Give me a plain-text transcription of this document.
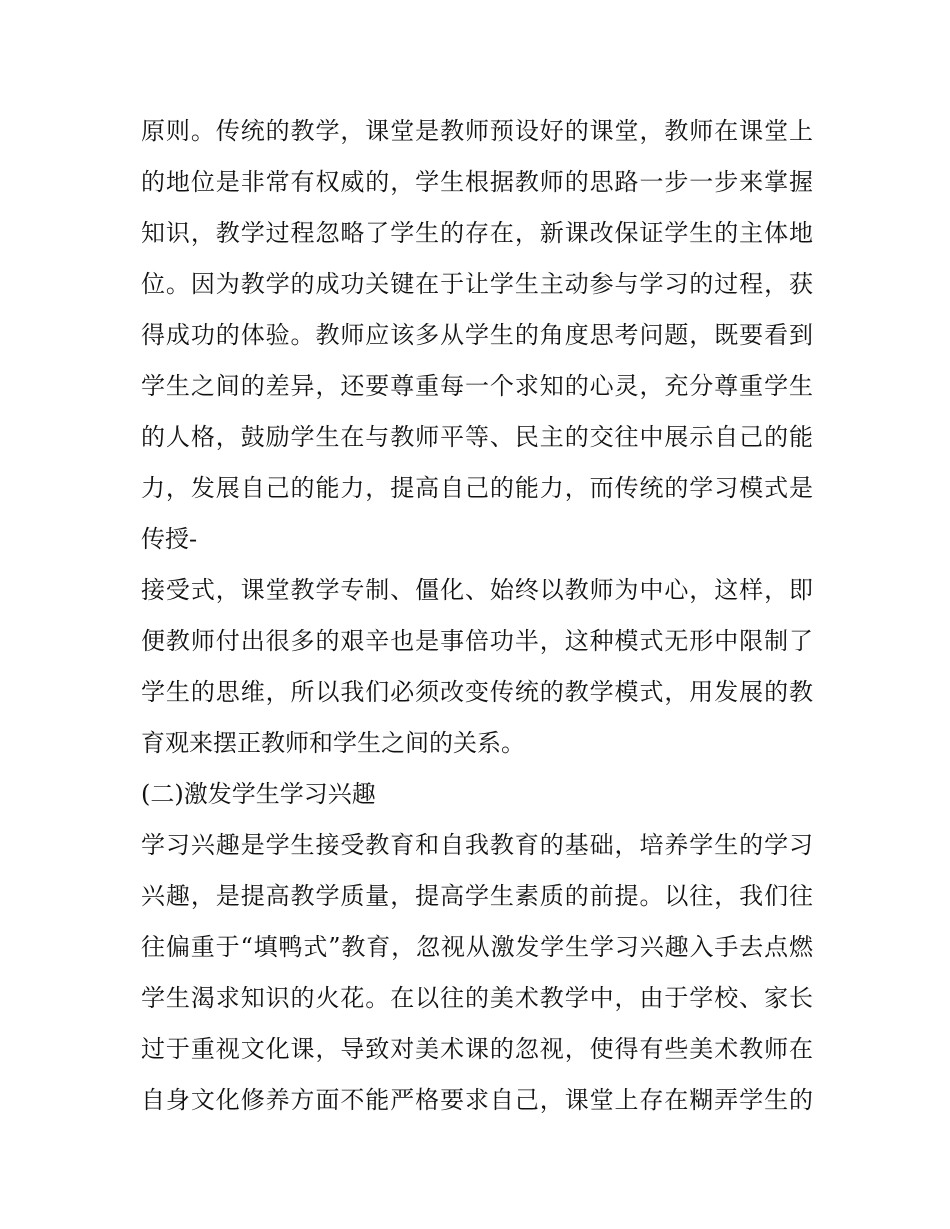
原则。传统的教学，课堂是教师预设好的课堂，教师在课堂上
的地位是非常有权威的，学生根据教师的思路一步一步来掌握
知识，教学过程忽略了学生的存在，新课改保证学生的主体地
位。因为教学的成功关键在于让学生主动参与学习的过程，获
得成功的体验。教师应该多从学生的角度思考问题，既要看到
学生之间的差异，还要尊重每一个求知的心灵，充分尊重学生
的人格，鼓励学生在与教师平等、民主的交往中展示自己的能
力，发展自己的能力，提高自己的能力，而传统的学习模式是
传授-
接受式，课堂教学专制、僵化、始终以教师为中心，这样，即
便教师付出很多的艰辛也是事倍功半，这种模式无形中限制了
学生的思维，所以我们必须改变传统的教学模式，用发展的教
育观来摆正教师和学生之间的关系。
(二)激发学生学习兴趣
学习兴趣是学生接受教育和自我教育的基础，培养学生的学习
兴趣，是提高教学质量，提高学生素质的前提。以往，我们往
往偏重于“填鸭式”教育，忽视从激发学生学习兴趣入手去点燃
学生渴求知识的火花。在以往的美术教学中，由于学校、家长
过于重视文化课，导致对美术课的忽视，使得有些美术教师在
自身文化修养方面不能严格要求自己，课堂上存在糊弄学生的
